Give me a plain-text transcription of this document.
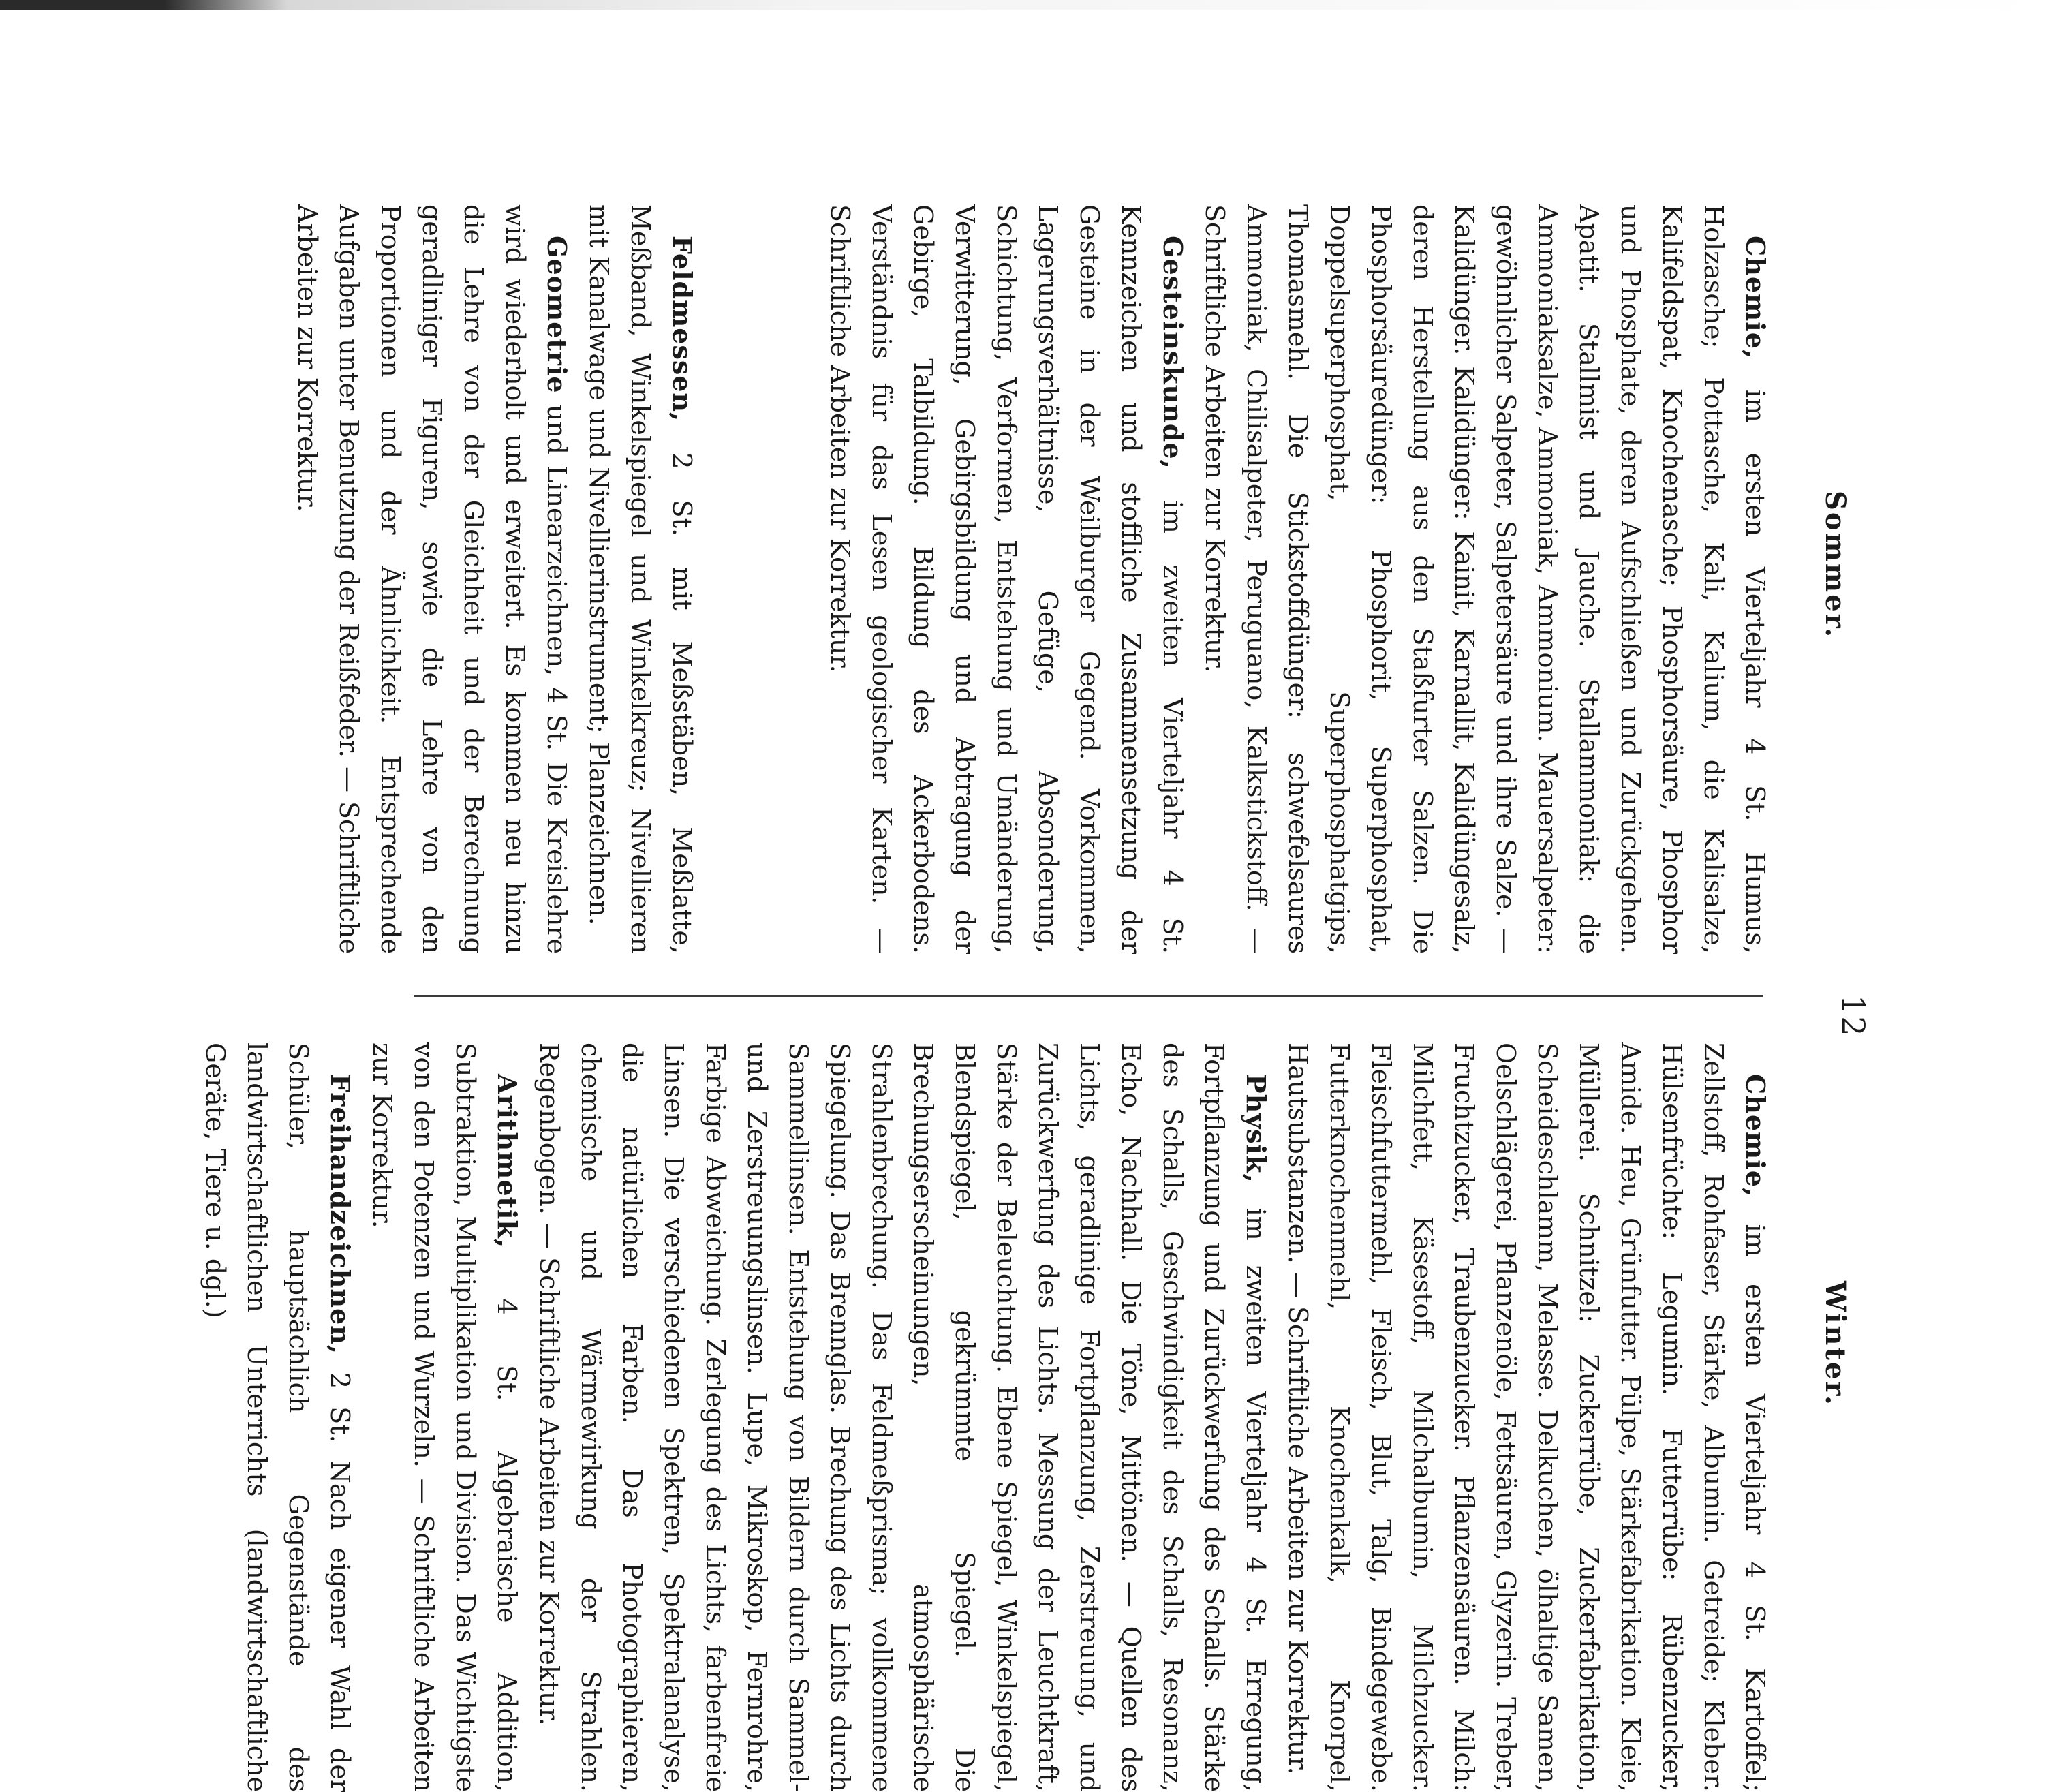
12
Sommer.
Winter.

Chemie, im ersten Vierteljahr 4 St. Humus, Holzasche; Pottasche, Kali, Kalium, die Kalisalze, Kalifeldspat, Knochenasche; Phosphorsäure, Phosphor und Phosphate, deren Aufschließen und Zurückgehen. Apatit. Stallmist und Jauche. Stallammoniak: die Ammoniaksalze, Ammoniak, Ammonium. Mauersalpeter: gewöhnlicher Salpeter, Salpetersäure und ihre Salze. — Kalidünger. Kalidünger: Kainit, Karnallit, Kalidüngesalz, deren Herstellung aus den Staßfurter Salzen. Die Phosphorsäuredünger: Phosphorit, Superphosphat, Doppelsuperphosphat, Superphosphatgips, Thomasmehl. Die Stickstoffdünger: schwefelsaures Ammoniak, Chilisalpeter, Peruguano, Kalkstickstoff. — Schriftliche Arbeiten zur Korrektur.

Gesteinskunde, im zweiten Vierteljahr 4 St. Kennzeichen und stoffliche Zusammensetzung der Gesteine in der Weilburger Gegend. Vorkommen, Lagerungsverhältnisse, Gefüge, Absonderung, Schichtung, Verformen, Entstehung und Umänderung, Verwitterung, Gebirgsbildung und Abtragung der Gebirge, Talbildung. Bildung des Ackerbodens. Verständnis für das Lesen geologischer Karten. — Schriftliche Arbeiten zur Korrektur.

Feldmessen, 2 St. mit Meßstäben, Meßlatte, Meßband, Winkelspiegel und Winkelkreuz; Nivellieren mit Kanalwage und Nivellierinstrument; Planzeichnen.

Geometrie und Linearzeichnen, 4 St. Die Kreislehre wird wiederholt und erweitert. Es kommen neu hinzu die Lehre von der Gleichheit und der Berechnung geradliniger Figuren, sowie die Lehre von den Proportionen und der Ähnlichkeit. Entsprechende Aufgaben unter Benutzung der Reißfeder. — Schriftliche Arbeiten zur Korrektur.

Chemie, im ersten Vierteljahr 4 St. Kartoffel; Zellstoff, Rohfaser, Stärke, Albumin. Getreide; Kleber. Hülsenfrüchte: Legumin. Futterrübe: Rübenzucker, Amide. Heu, Grünfutter. Pülpe, Stärkefabrikation. Kleie, Müllerei. Schnitzel: Zuckerrübe, Zuckerfabrikation, Scheideschlamm, Melasse. Delkuchen, ölhaltige Samen, Oelschlägerei, Pflanzenöle, Fettsäuren, Glyzerin. Treber, Fruchtzucker, Traubenzucker. Pflanzensäuren. Milch: Milchfett, Käsestoff, Milchalbumin, Milchzucker. Fleischfuttermehl, Fleisch, Blut, Talg, Bindegewebe. Futterknochenmehl, Knochenkalk, Knorpel, Hautsubstanzen. — Schriftliche Arbeiten zur Korrektur.

Physik, im zweiten Vierteljahr 4 St. Erregung, Fortpflanzung und Zurückwerfung des Schalls. Stärke des Schalls, Geschwindigkeit des Schalls, Resonanz, Echo, Nachhall. Die Töne, Mittönen. — Quellen des Lichts, geradlinige Fortpflanzung, Zerstreuung, und Zurückwerfung des Lichts. Messung der Leuchtkraft, Stärke der Beleuchtung. Ebene Spiegel, Winkelspiegel, Blendspiegel, gekrümmte Spiegel. Die Brechungserscheinungen, atmosphärische Strahlenbrechung. Das Feldmeßprisma; vollkommene Spiegelung. Das Brennglas. Brechung des Lichts durch Sammellinsen. Entstehung von Bildern durch Sammel- und Zerstreuungslinsen. Lupe, Mikroskop, Fernrohre, Farbige Abweichung. Zerlegung des Lichts, farbenfreie Linsen. Die verschiedenen Spektren, Spektralanalyse, die natürlichen Farben. Das Photographieren, chemische und Wärmewirkung der Strahlen. Regenbogen. — Schriftliche Arbeiten zur Korrektur.

Arithmetik, 4 St. Algebraische Addition, Subtraktion, Multiplikation und Division. Das Wichtigste von den Potenzen und Wurzeln. — Schriftliche Arbeiten zur Korrektur.

Freihandzeichnen, 2 St. Nach eigener Wahl der Schüler, hauptsächlich Gegenstände des landwirtschaftlichen Unterrichts (landwirtschaftliche Geräte, Tiere u. dgl.)
